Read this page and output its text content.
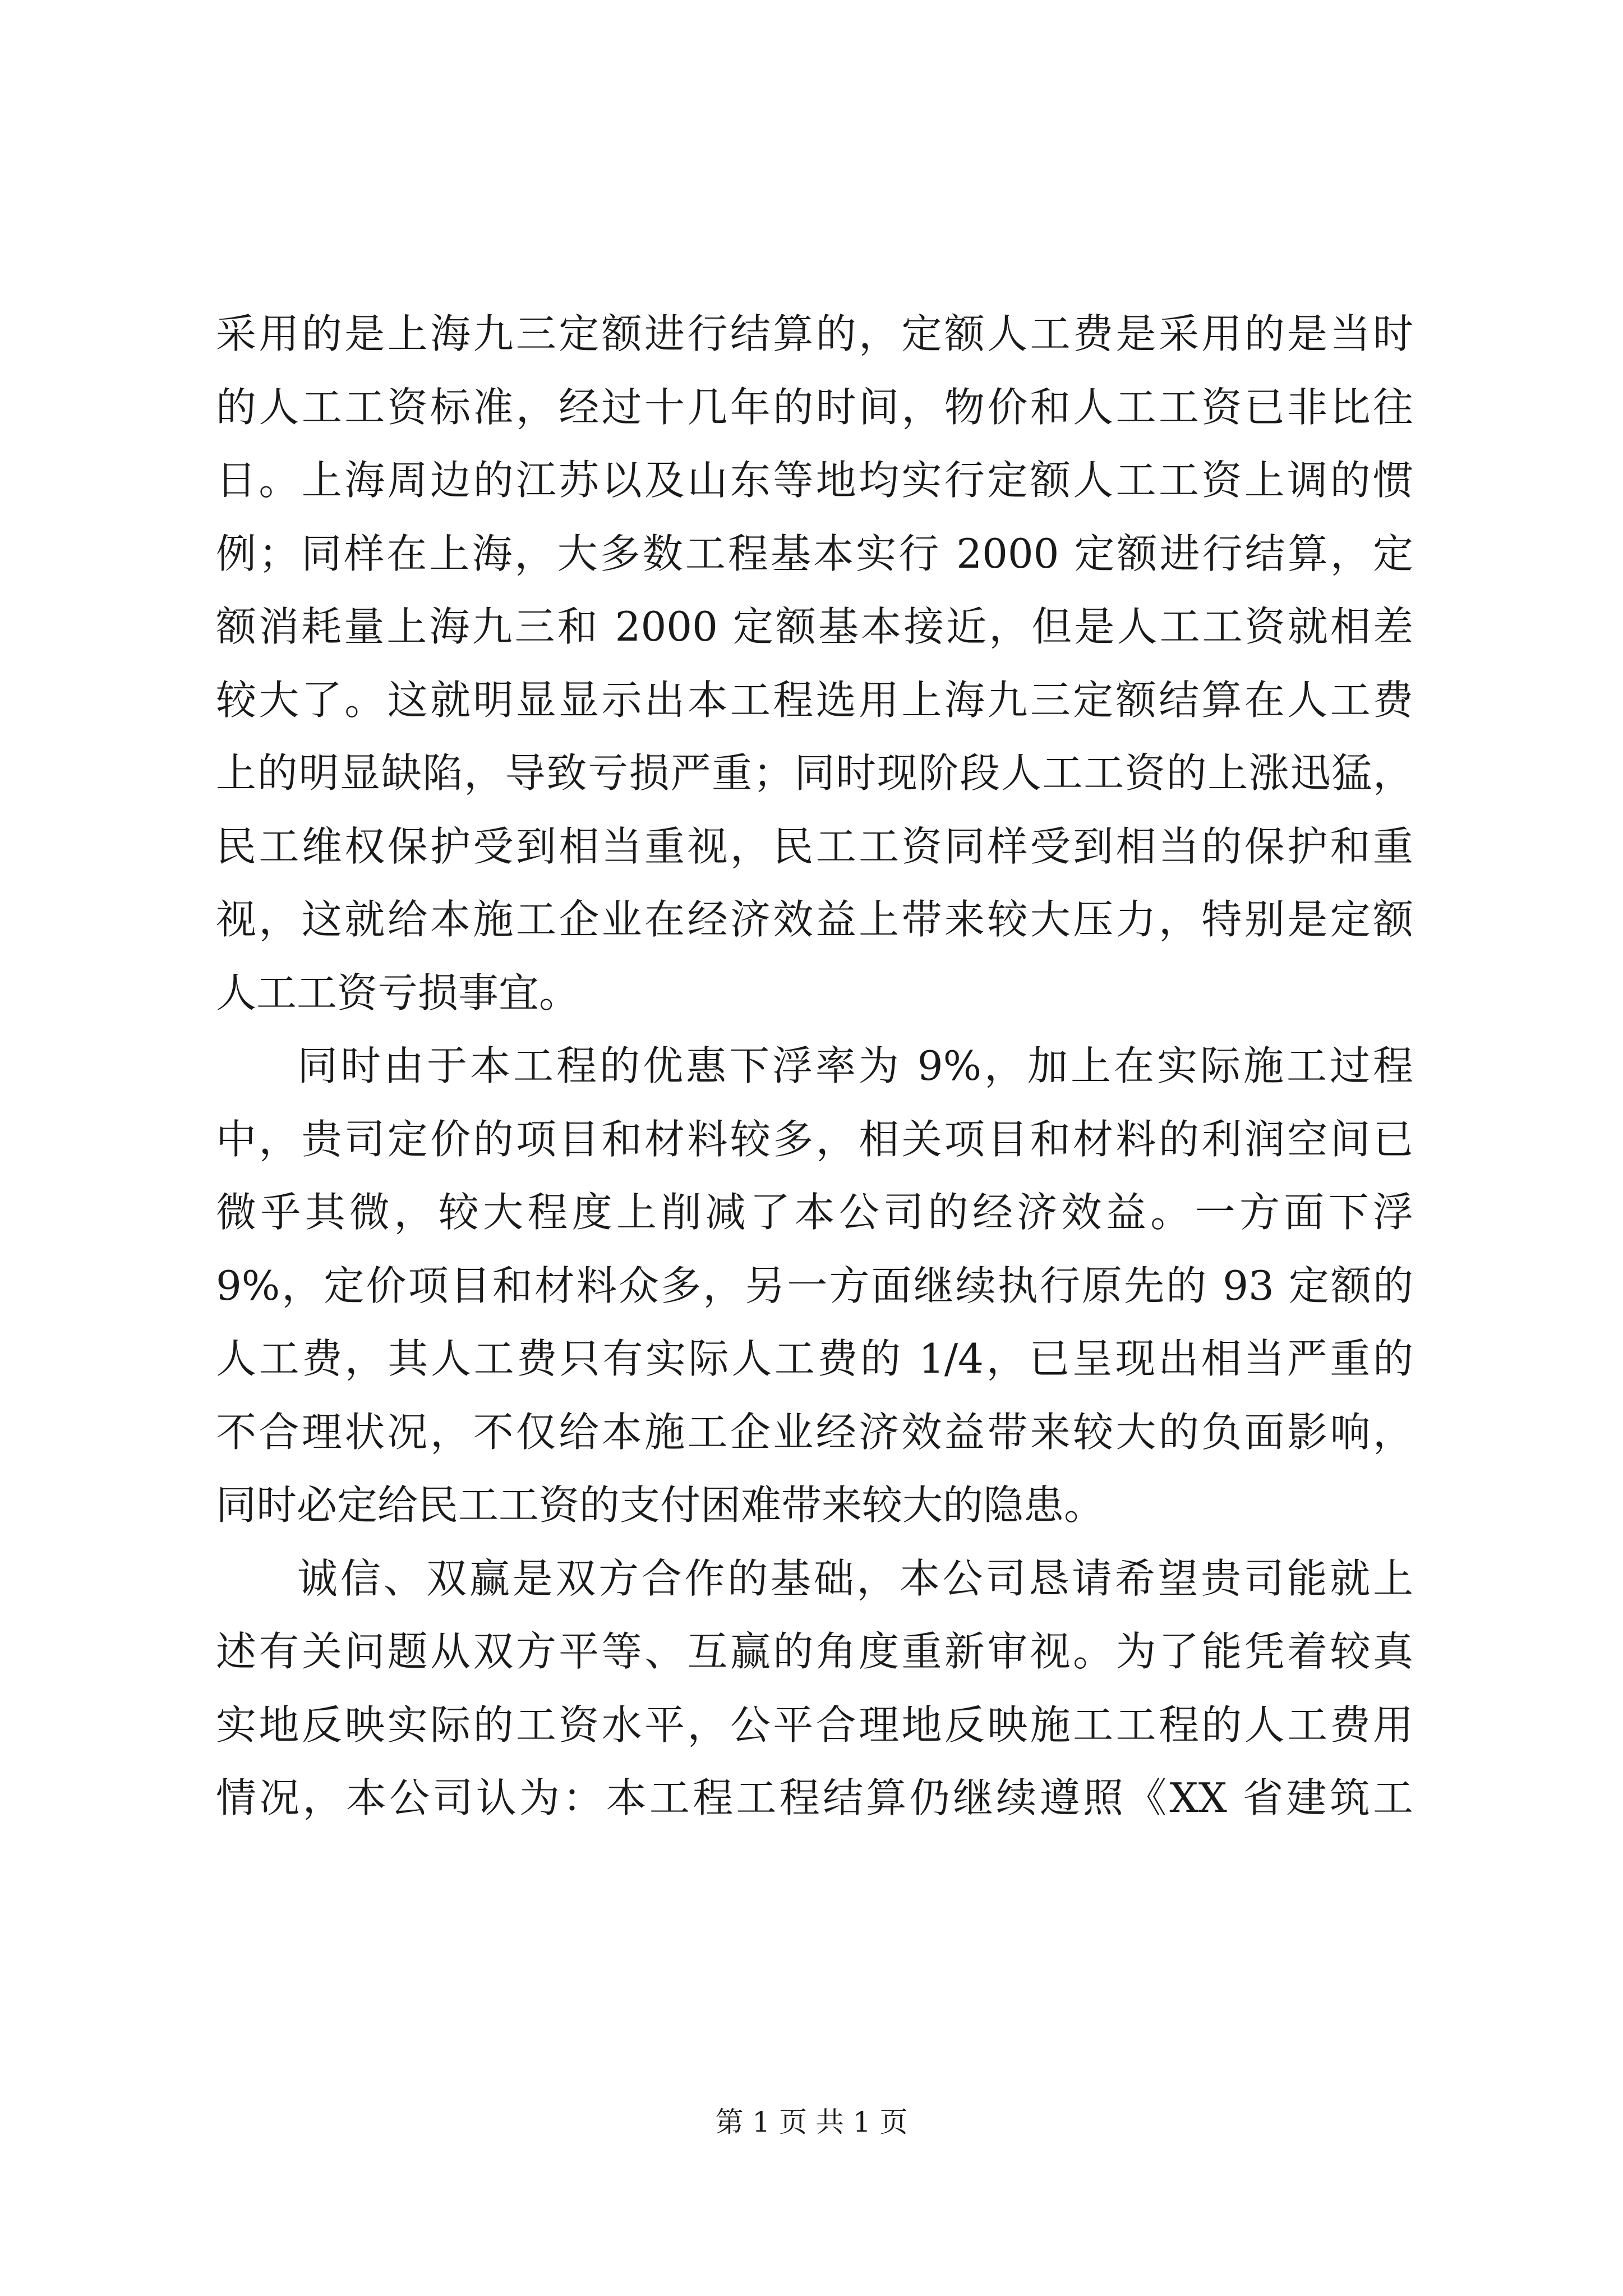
采用的是上海九三定额进行结算的，定额人工费是采用的是当时
的人工工资标准，经过十几年的时间，物价和人工工资已非比往
日。上海周边的江苏以及山东等地均实行定额人工工资上调的惯
例；同样在上海，大多数工程基本实行 2000 定额进行结算，定
额消耗量上海九三和 2000 定额基本接近，但是人工工资就相差
较大了。这就明显显示出本工程选用上海九三定额结算在人工费
上的明显缺陷，导致亏损严重；同时现阶段人工工资的上涨迅猛，
民工维权保护受到相当重视，民工工资同样受到相当的保护和重
视，这就给本施工企业在经济效益上带来较大压力，特别是定额
人工工资亏损事宜。
同时由于本工程的优惠下浮率为 9%，加上在实际施工过程
中，贵司定价的项目和材料较多，相关项目和材料的利润空间已
微乎其微，较大程度上削减了本公司的经济效益。一方面下浮
9%，定价项目和材料众多，另一方面继续执行原先的 93 定额的
人工费，其人工费只有实际人工费的 1/4，已呈现出相当严重的
不合理状况，不仅给本施工企业经济效益带来较大的负面影响，
同时必定给民工工资的支付困难带来较大的隐患。
诚信、双赢是双方合作的基础，本公司恳请希望贵司能就上
述有关问题从双方平等、互赢的角度重新审视。为了能凭着较真
实地反映实际的工资水平，公平合理地反映施工工程的人工费用
情况，本公司认为：本工程工程结算仍继续遵照《XX 省建筑工
第 1 页 共 1 页
